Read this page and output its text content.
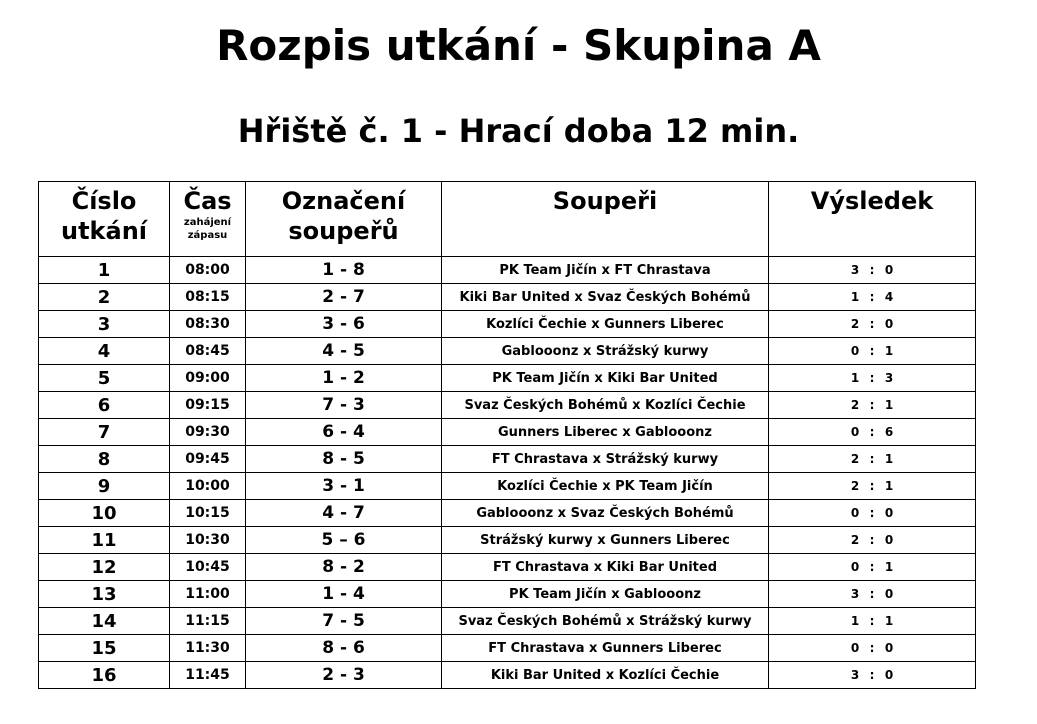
Rozpis utkání - Skupina A
Hřiště č. 1 - Hrací doba 12 min.
Číslo
utkání	Čas
zahájení
zápasu	Označení
soupeřů	Soupeři	Výsledek

1	08:00	1 - 8	PK Team Jičín x FT Chrastava	3 : 0
2	08:15	2 - 7	Kiki Bar United x Svaz Českých Bohémů	1 : 4
3	08:30	3 - 6	Kozlíci Čechie x Gunners Liberec	2 : 0
4	08:45	4 - 5	Gablooonz x Strážský kurwy	0 : 1
5	09:00	1 - 2	PK Team Jičín x Kiki Bar United	1 : 3
6	09:15	7 - 3	Svaz Českých Bohémů x Kozlíci Čechie	2 : 1
7	09:30	6 - 4	Gunners Liberec x Gablooonz	0 : 6
8	09:45	8 - 5	FT Chrastava x Strážský kurwy	2 : 1
9	10:00	3 - 1	Kozlíci Čechie x PK Team Jičín	2 : 1
10	10:15	4 - 7	Gablooonz x Svaz Českých Bohémů	0 : 0
11	10:30	5 – 6	Strážský kurwy x Gunners Liberec	2 : 0
12	10:45	8 - 2	FT Chrastava x Kiki Bar United	0 : 1
13	11:00	1 - 4	PK Team Jičín x Gablooonz	3 : 0
14	11:15	7 - 5	Svaz Českých Bohémů x Strážský kurwy	1 : 1
15	11:30	8 - 6	FT Chrastava x Gunners Liberec	0 : 0
16	11:45	2 - 3	Kiki Bar United x Kozlíci Čechie	3 : 0
